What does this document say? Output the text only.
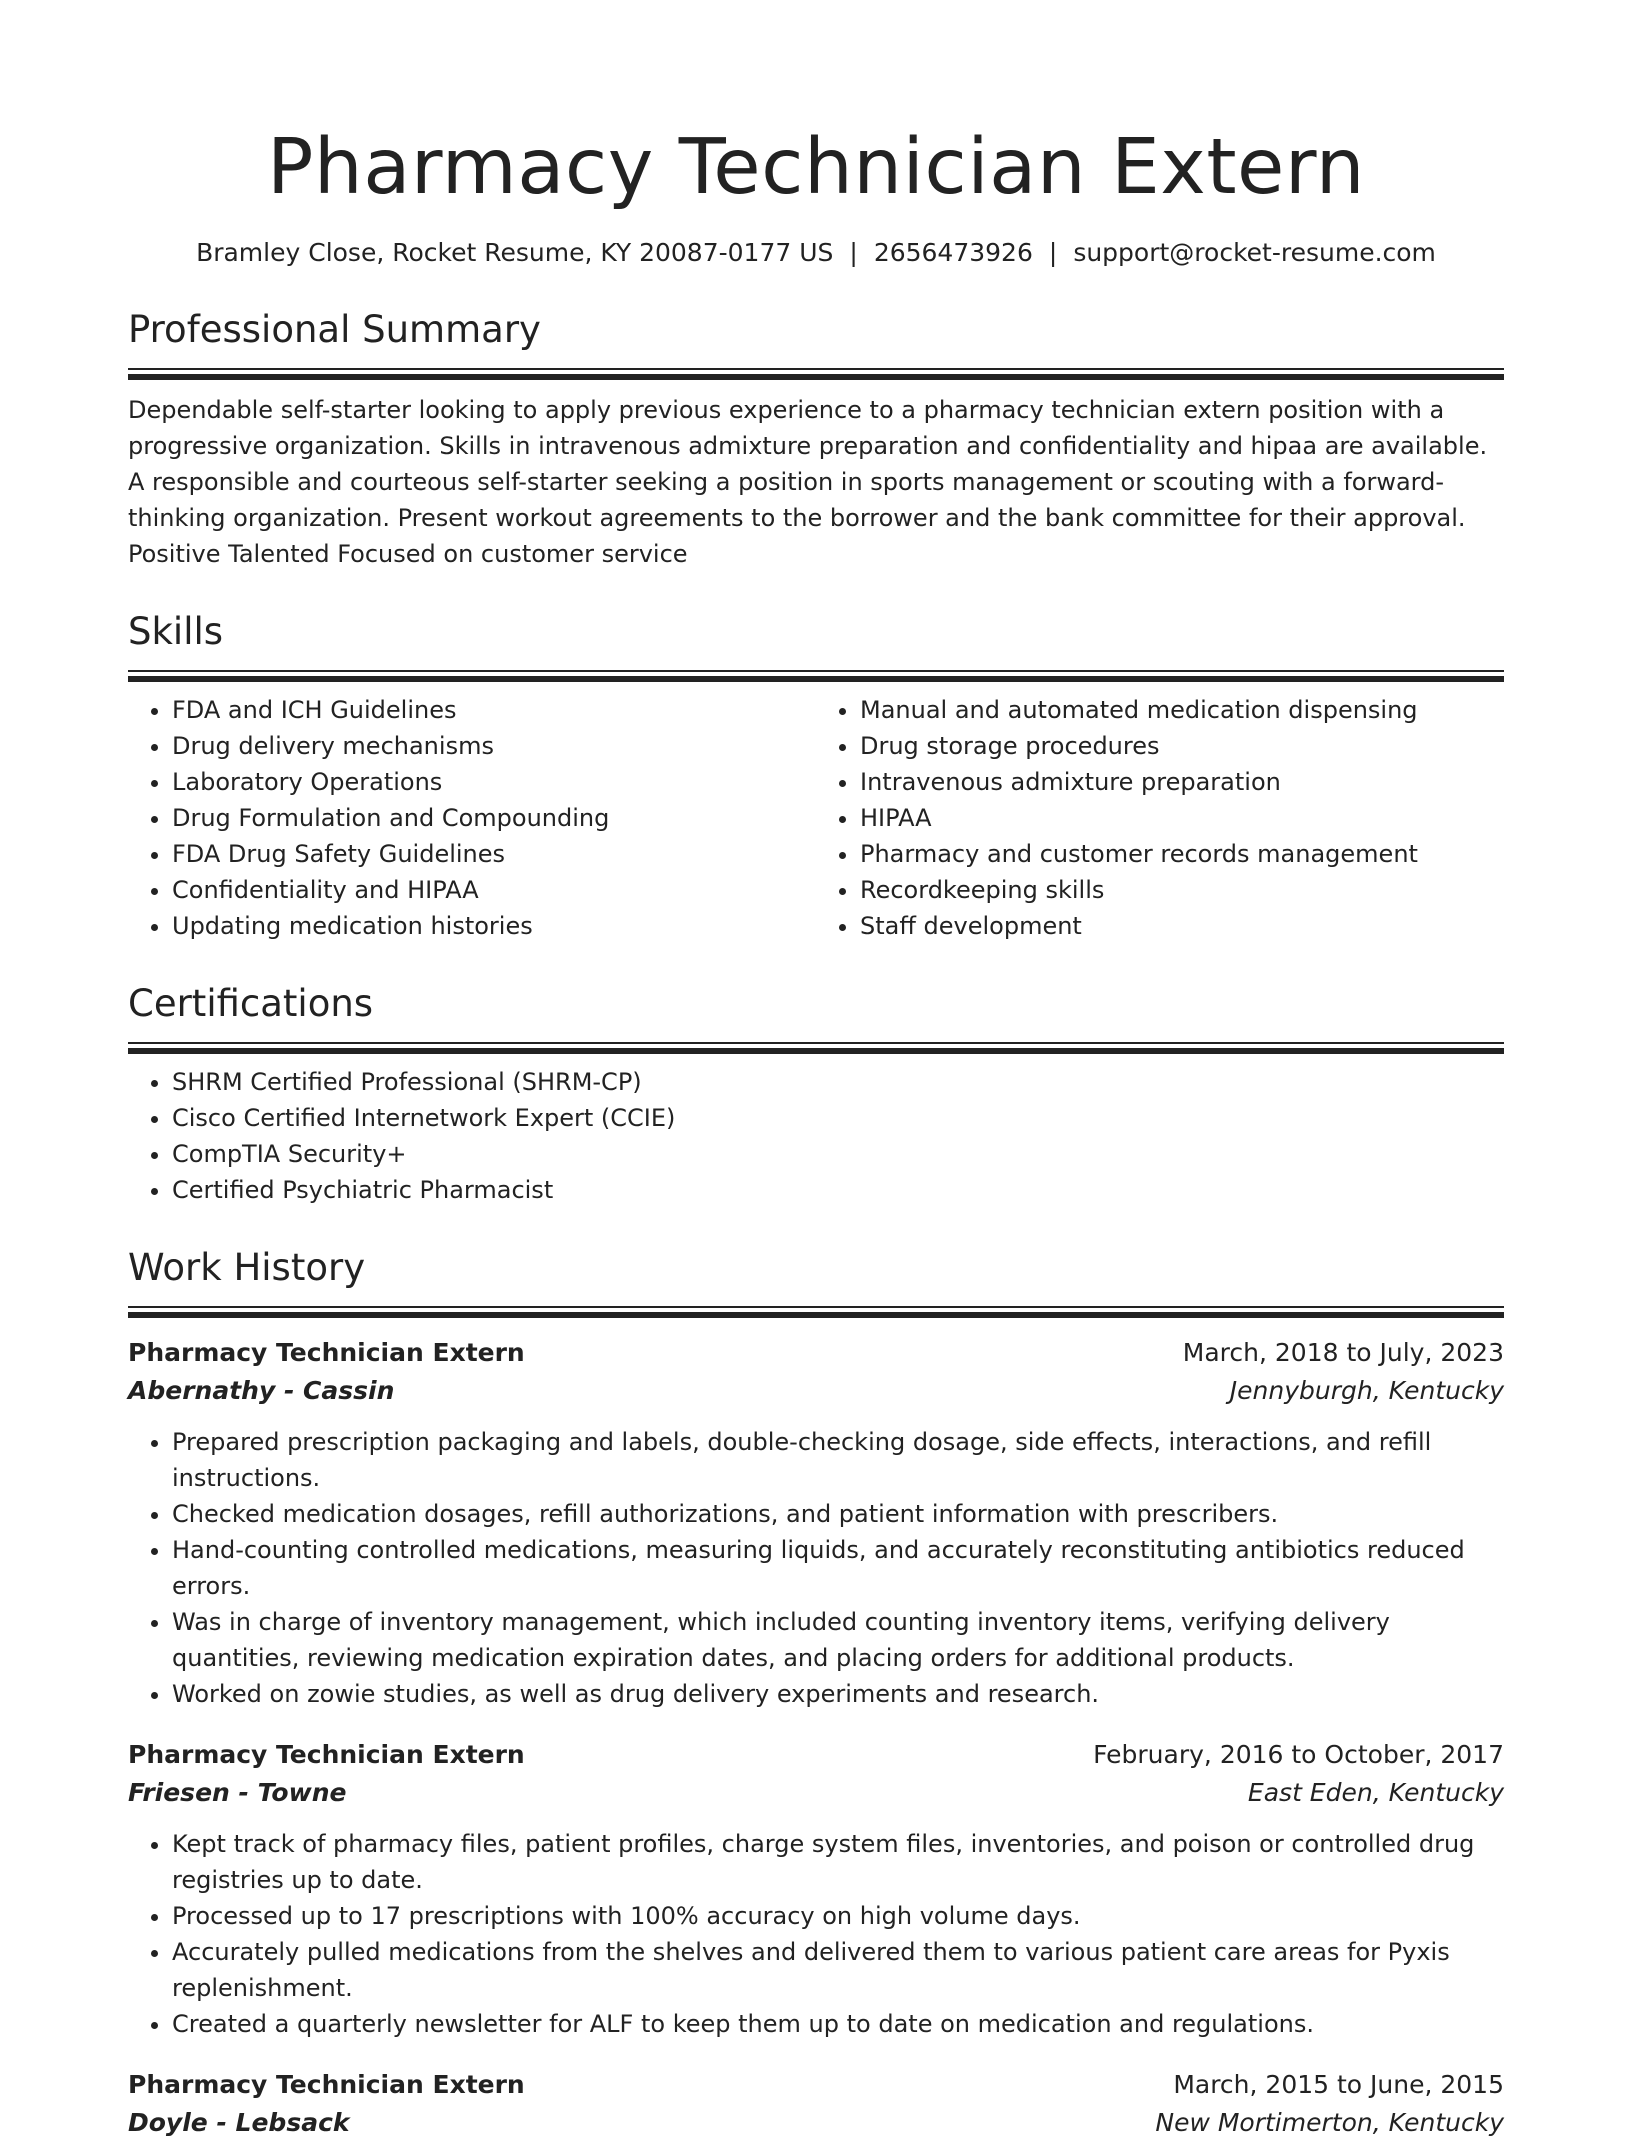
Pharmacy Technician Extern
Bramley Close, Rocket Resume, KY 20087-0177 US | 2656473926 | support@rocket-resume.com
Professional Summary
Dependable self-starter looking to apply previous experience to a pharmacy technician extern position with a progressive organization. Skills in intravenous admixture preparation and confidentiality and hipaa are available. A responsible and courteous self-starter seeking a position in sports management or scouting with a forward-thinking organization. Present workout agreements to the borrower and the bank committee for their approval. Positive Talented Focused on customer service
Skills
• FDA and ICH Guidelines
• Drug delivery mechanisms
• Laboratory Operations
• Drug Formulation and Compounding
• FDA Drug Safety Guidelines
• Confidentiality and HIPAA
• Updating medication histories
• Manual and automated medication dispensing
• Drug storage procedures
• Intravenous admixture preparation
• HIPAA
• Pharmacy and customer records management
• Recordkeeping skills
• Staff development
Certifications
• SHRM Certified Professional (SHRM-CP)
• Cisco Certified Internetwork Expert (CCIE)
• CompTIA Security+
• Certified Psychiatric Pharmacist
Work History
Pharmacy Technician Extern	March, 2018 to July, 2023
Abernathy - Cassin	Jennyburgh, Kentucky
• Prepared prescription packaging and labels, double-checking dosage, side effects, interactions, and refill instructions.
• Checked medication dosages, refill authorizations, and patient information with prescribers.
• Hand-counting controlled medications, measuring liquids, and accurately reconstituting antibiotics reduced errors.
• Was in charge of inventory management, which included counting inventory items, verifying delivery quantities, reviewing medication expiration dates, and placing orders for additional products.
• Worked on zowie studies, as well as drug delivery experiments and research.
Pharmacy Technician Extern	February, 2016 to October, 2017
Friesen - Towne	East Eden, Kentucky
• Kept track of pharmacy files, patient profiles, charge system files, inventories, and poison or controlled drug registries up to date.
• Processed up to 17 prescriptions with 100% accuracy on high volume days.
• Accurately pulled medications from the shelves and delivered them to various patient care areas for Pyxis replenishment.
• Created a quarterly newsletter for ALF to keep them up to date on medication and regulations.
Pharmacy Technician Extern	March, 2015 to June, 2015
Doyle - Lebsack	New Mortimerton, Kentucky
